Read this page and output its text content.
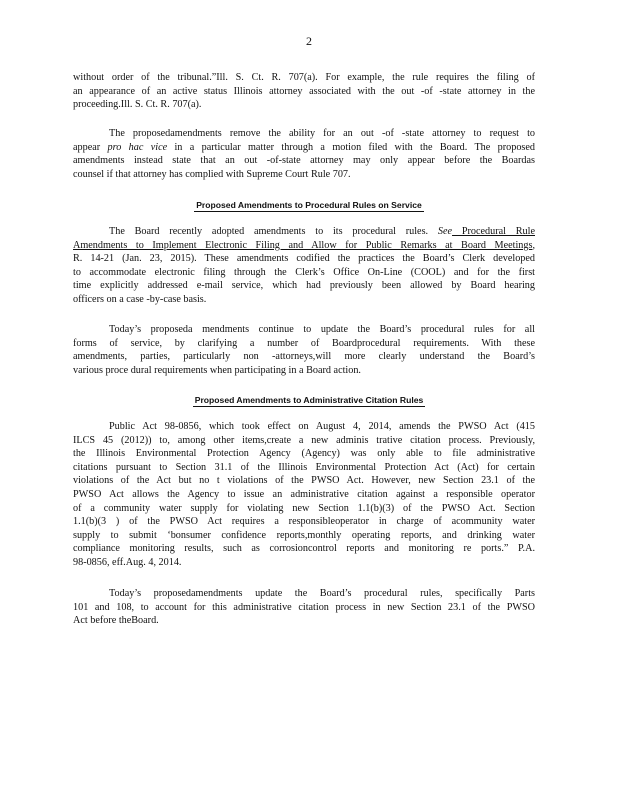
2
without order of the tribunal.”Ill. S. Ct. R. 707(a). For example, the rule requires the filing of
an appearance of an active status Illinois attorney associated with the out -of -state attorney in the
proceeding.Ill. S. Ct. R. 707(a).
The proposedamendments remove the ability for an out -of -state attorney to request to
appear pro hac vice in a particular matter through a motion filed with the Board. The proposed
amendments instead state that an out -of-state attorney may only appear before the Boardas
counsel if that attorney has complied with Supreme Court Rule 707.
Proposed Amendments to Procedural Rules on Service
The Board recently adopted amendments to its procedural rules. See Procedural Rule
Amendments to Implement Electronic Filing and Allow for Public Remarks at Board Meetings,
R. 14-21 (Jan. 23, 2015). These amendments codified the practices the Board’s Clerk developed
to accommodate electronic filing through the Clerk’s Office On-Line (COOL) and for the first
time explicitly addressed e-mail service, which had previously been allowed by Board hearing
officers on a case -by-case basis.
Today’s proposeda mendments continue to update the Board’s procedural rules for all
forms of service, by clarifying a number of Boardprocedural requirements. With these
amendments, parties, particularly non -attorneys,will more clearly understand the Board’s
various proce dural requirements when participating in a Board action.
Proposed Amendments to Administrative Citation Rules
Public Act 98-0856, which took effect on August 4, 2014, amends the PWSO Act (415
ILCS 45 (2012)) to, among other items,create a new adminis trative citation process. Previously,
the Illinois Environmental Protection Agency (Agency) was only able to file administrative
citations pursuant to Section 31.1 of the Illinois Environmental Protection Act (Act) for certain
violations of the Act but no t violations of the PWSO Act. However, new Section 23.1 of the
PWSO Act allows the Agency to issue an administrative citation against a responsible operator
of a community water supply for violating new Section 1.1(b)(3) of the PWSO Act. Section
1.1(b)(3 ) of the PWSO Act requires a responsibleoperator in charge of acommunity water
supply to submit ‘bonsumer confidence reports,monthly operating reports, and drinking water
compliance monitoring results, such as corrosioncontrol reports and monitoring re ports.” P.A.
98-0856, eff.Aug. 4, 2014.
Today’s proposedamendments update the Board’s procedural rules, specifically Parts
101 and 108, to account for this administrative citation process in new Section 23.1 of the PWSO
Act before theBoard.
